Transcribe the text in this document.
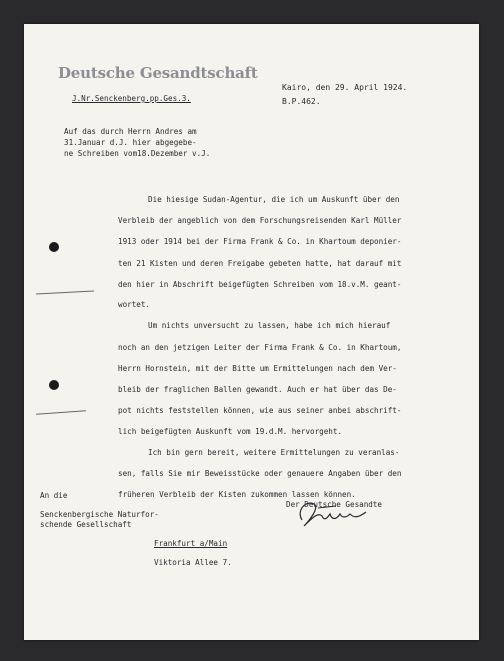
Deutsche Gesandtschaft
J.Nr.Senckenberg.pp.Ges.3.
Kairo, den 29. April 1924.
B.P.462.
Auf das durch Herrn Andres am
31.Januar d.J. hier abgegebe-
ne Schreiben vom18.Dezember v.J.
Die hiesige Sudan-Agentur, die ich um Auskunft über den
Verbleib der angeblich von dem Forschungsreisenden Karl Müller
1913 oder 1914 bei der Firma Frank & Co. in Khartoum deponier-
ten 21 Kisten und deren Freigabe gebeten hatte, hat darauf mit
den hier in Abschrift beigefügten Schreiben vom 18.v.M. geant-
wortet.
Um nichts unversucht zu lassen, habe ich mich hierauf
noch an den jetzigen Leiter der Firma Frank & Co. in Khartoum,
Herrn Hornstein, mit der Bitte um Ermittelungen nach dem Ver-
bleib der fraglichen Ballen gewandt. Auch er hat über das De-
pot nichts feststellen können, wie aus seiner anbei abschrift-
lich beigefügten Auskunft vom 19.d.M. hervorgeht.
Ich bin gern bereit, weitere Ermittelungen zu veranlas-
sen, falls Sie mir Beweisstücke oder genauere Angaben über den
früheren Verbleib der Kisten zukommen lassen können.
Der Deutsche Gesandte
An die
Senckenbergische Naturfor-
schende Gesellschaft
Frankfurt a/Main
Viktoria Allee 7.
